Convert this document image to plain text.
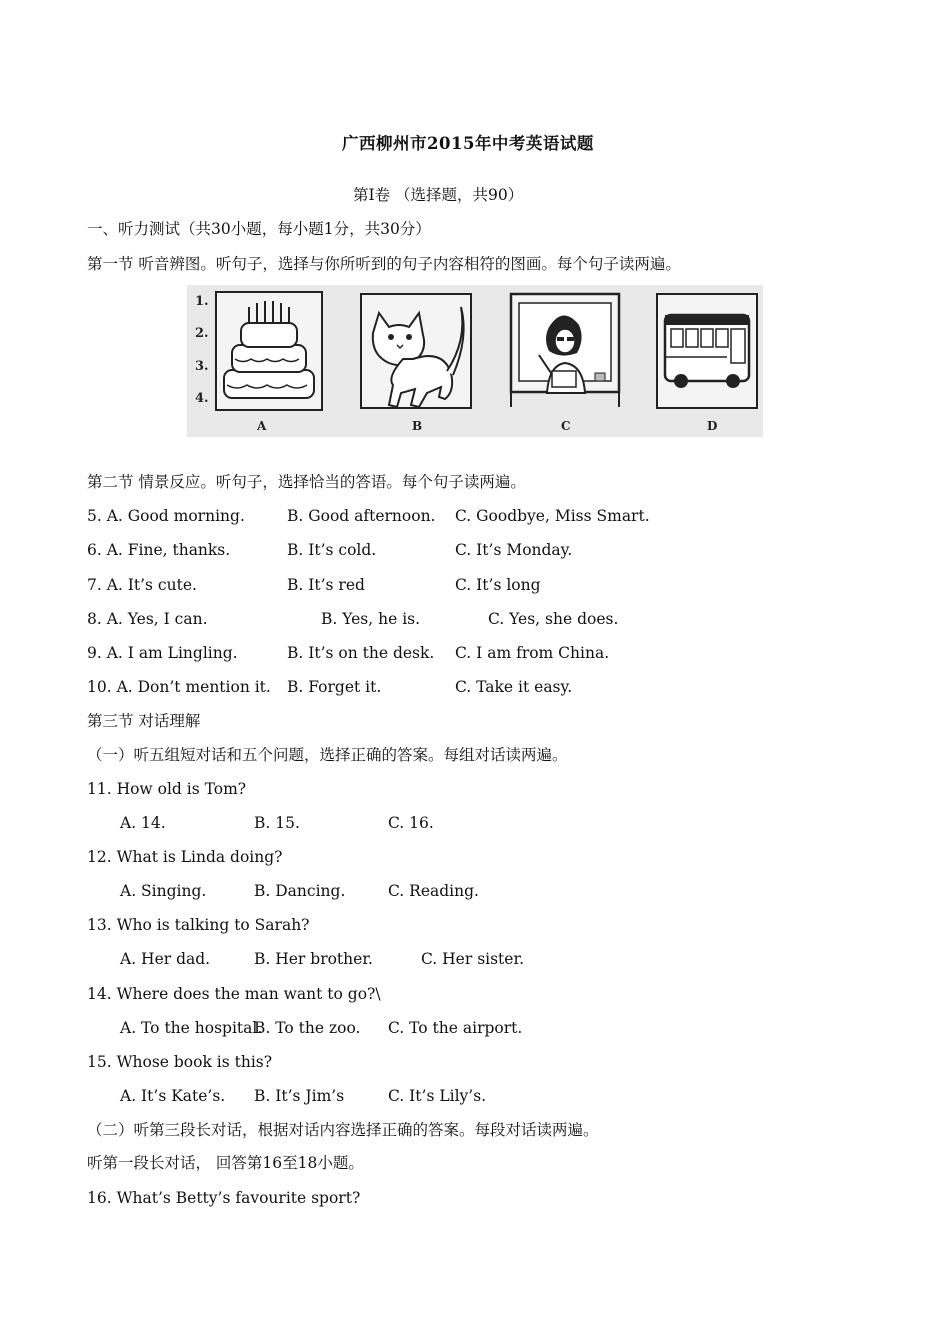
广西柳州市2015年中考英语试题
第Ⅰ卷 （选择题，共90）
一、听力测试（共30小题，每小题1分，共30分）
第一节 听音辨图。听句子，选择与你所听到的句子内容相符的图画。每个句子读两遍。
1.
2.
3.
4.
A	B	C	D
第二节 情景反应。听句子，选择恰当的答语。每个句子读两遍。
5. A. Good morning.	B. Good afternoon. C. Goodbye, Miss Smart.
6. A. Fine, thanks.	B. It’s cold.	C. It’s Monday.
7. A. It’s cute.	B. It’s red	C. It’s long
8. A. Yes, I can.	B. Yes, he is.	C. Yes, she does.
9. A. I am Lingling.	B. It’s on the desk. C. I am from China.
10. A. Don’t mention it. B. Forget it.	C. Take it easy.
第三节 对话理解
（一）听五组短对话和五个问题，选择正确的答案。每组对话读两遍。
11. How old is Tom?
A. 14.	B. 15.	C. 16.
12. What is Linda doing?
A. Singing.	B. Dancing.	C. Reading.
13. Who is talking to Sarah?
A. Her dad.	B. Her brother.	C. Her sister.
14. Where does the man want to go?\
A. To the hospital.
B. To the zoo. C. To the airport.
15. Whose book is this?
A. It’s Kate’s. B. It’s Jim’s	C. It’s Lily’s.
（二）听第三段长对话，根据对话内容选择正确的答案。每段对话读两遍。
听第一段长对话， 回答第16至18小题。
16. What’s Betty’s favourite sport?
